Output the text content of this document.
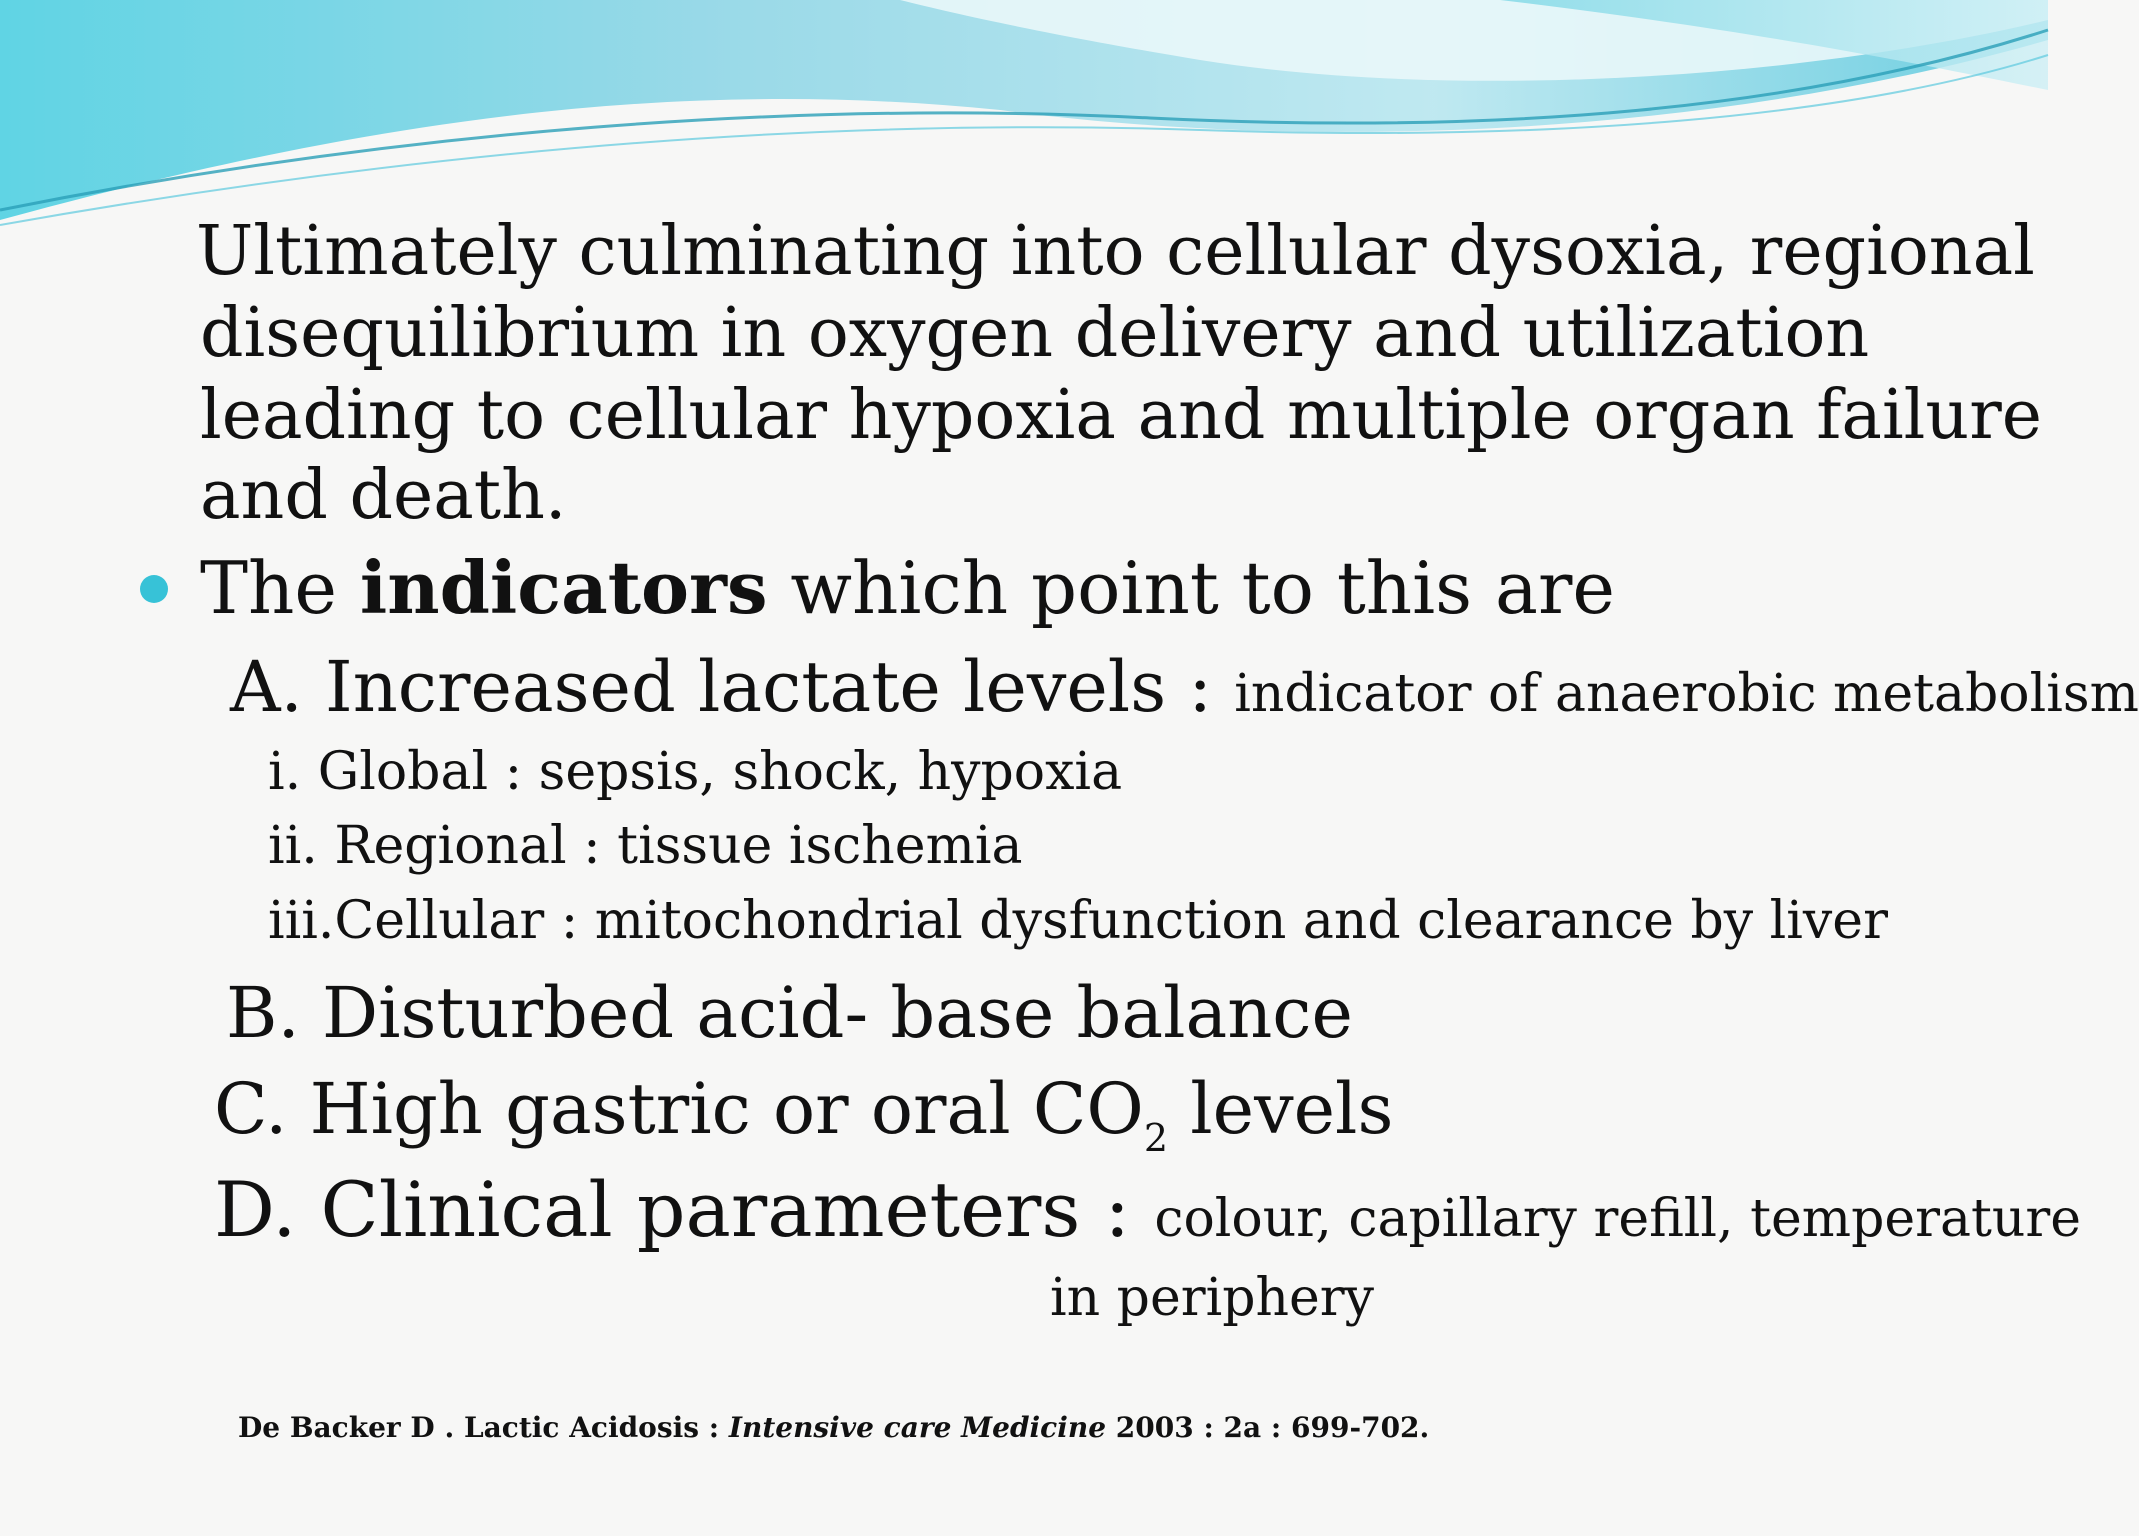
Ultimately culminating into cellular dysoxia, regional
disequilibrium in oxygen delivery and utilization
leading to cellular hypoxia and multiple organ failure
and death.
The indicators which point to this are
A. Increased lactate levels : indicator of anaerobic metabolism
i. Global : sepsis, shock, hypoxia
ii. Regional : tissue ischemia
iii.Cellular : mitochondrial dysfunction and clearance by liver
B. Disturbed acid- base balance
C. High gastric or oral $CO_2$ levels
D. Clinical parameters : colour, capillary refill, temperature
in periphery
De Backer D . Lactic Acidosis : Intensive care Medicine 2003 : 2a : 699-702.
